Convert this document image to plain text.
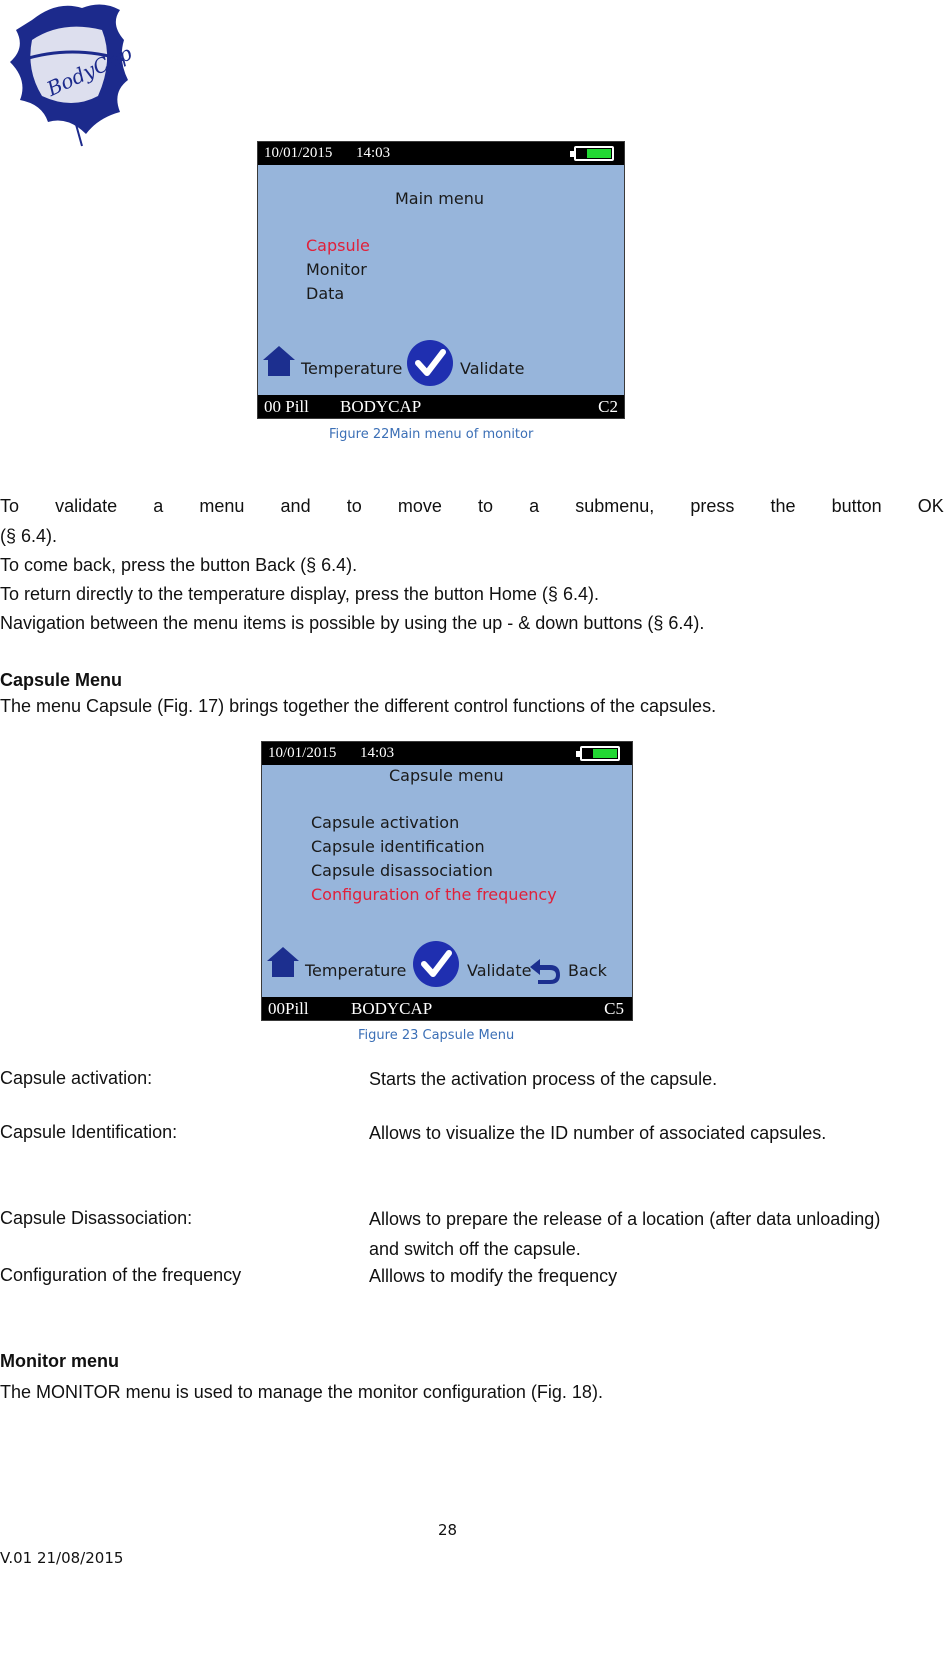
BodyCap
10/01/2015 14:03
Main menu
Capsule
Monitor
Data
Temperature	Validate
00 Pill BODYCAP	C2
Figure 22Main menu of monitor
To validate a menu and to move to a submenu, press the button OK
(§ 6.4).
To come back, press the button Back (§ 6.4).
To return directly to the temperature display, press the button Home (§ 6.4).
Navigation between the menu items is possible by using the up - & down buttons (§ 6.4).
Capsule Menu
The menu Capsule (Fig. 17) brings together the different control functions of the capsules.
10/01/2015 14:03
Capsule menu
Capsule activation
Capsule identification
Capsule disassociation
Configuration of the frequency
Temperature	Validate Back
00Pill BODYCAP	C5
Figure 23 Capsule Menu
Capsule activation:	Starts the activation process of the capsule.
Capsule Identification:	Allows to visualize the ID number of associated capsules.
Capsule Disassociation:	Allows to prepare the release of a location (after data unloading) and switch off the capsule.
Configuration of the frequency	Alllows to modify the frequency
Monitor menu
The MONITOR menu is used to manage the monitor configuration (Fig. 18).
28
V.01 21/08/2015
